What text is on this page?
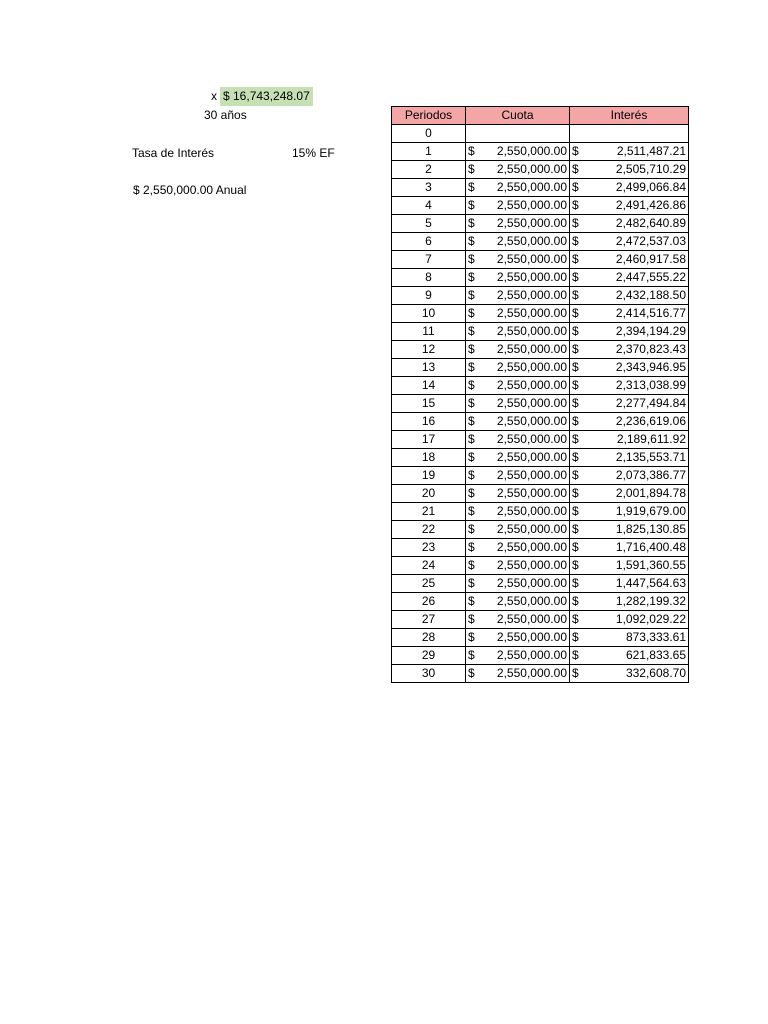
x $ 16,743,248.07
30 años
Tasa de Interés	15% EF
$ 2,550,000.00 Anual
Periodos	Cuota	Interés
0		
1	$ 2,550,000.00	$ 2,511,487.21

2	$ 2,550,000.00	$ 2,505,710.29

3	$ 2,550,000.00	$ 2,499,066.84

4	$ 2,550,000.00	$ 2,491,426.86

5	$ 2,550,000.00	$ 2,482,640.89

6	$ 2,550,000.00	$ 2,472,537.03

7	$ 2,550,000.00	$ 2,460,917.58

8	$ 2,550,000.00	$ 2,447,555.22

9	$ 2,550,000.00	$ 2,432,188.50

10	$ 2,550,000.00	$ 2,414,516.77

11	$ 2,550,000.00	$ 2,394,194.29

12	$ 2,550,000.00	$ 2,370,823.43

13	$ 2,550,000.00	$ 2,343,946.95

14	$ 2,550,000.00	$ 2,313,038.99

15	$ 2,550,000.00	$ 2,277,494.84

16	$ 2,550,000.00	$ 2,236,619.06

17	$ 2,550,000.00	$ 2,189,611.92

18	$ 2,550,000.00	$ 2,135,553.71

19	$ 2,550,000.00	$ 2,073,386.77

20	$ 2,550,000.00	$ 2,001,894.78

21	$ 2,550,000.00	$ 1,919,679.00

22	$ 2,550,000.00	$ 1,825,130.85

23	$ 2,550,000.00	$ 1,716,400.48

24	$ 2,550,000.00	$ 1,591,360.55

25	$ 2,550,000.00	$ 1,447,564.63

26	$ 2,550,000.00	$ 1,282,199.32

27	$ 2,550,000.00	$ 1,092,029.22

28	$ 2,550,000.00	$ 873,333.61

29	$ 2,550,000.00	$ 621,833.65

30	$ 2,550,000.00	$ 332,608.70
